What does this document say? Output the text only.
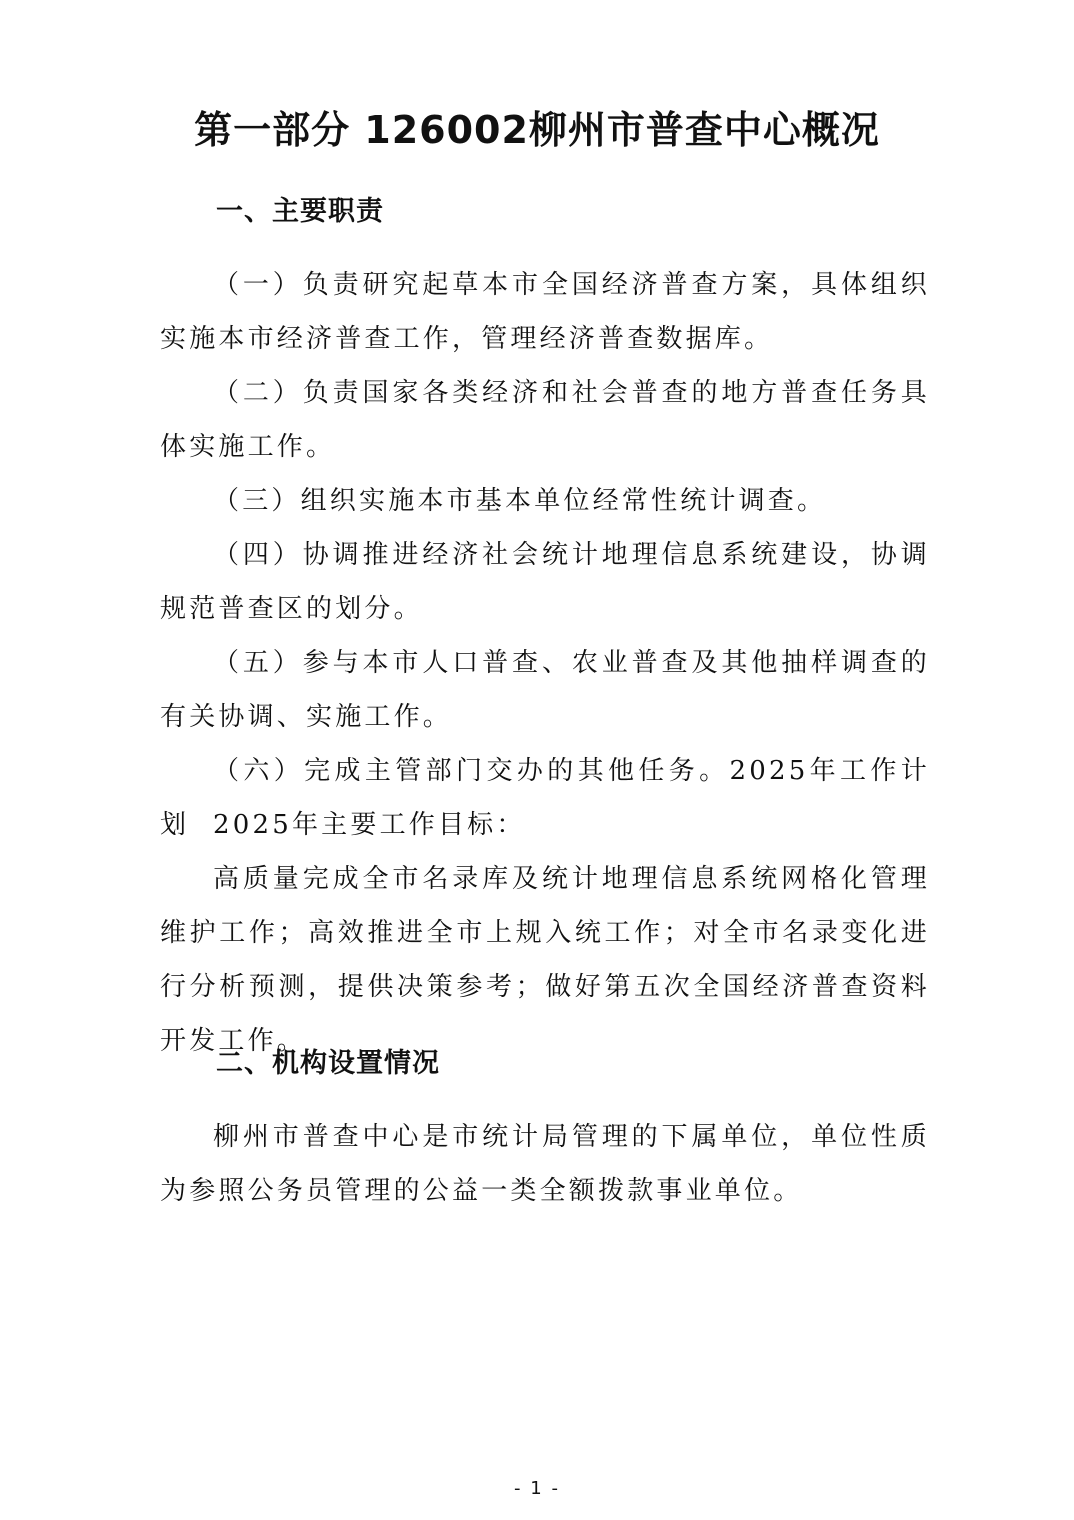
第一部分 126002柳州市普查中心概况
一、主要职责

（一）负责研究起草本市全国经济普查方案，具体组织实施本市经济普查工作，管理经济普查数据库。

（二）负责国家各类经济和社会普查的地方普查任务具体实施工作。

（三）组织实施本市基本单位经常性统计调查。

（四）协调推进经济社会统计地理信息系统建设，协调规范普查区的划分。

（五）参与本市人口普查、农业普查及其他抽样调查的有关协调、实施工作。

（六）完成主管部门交办的其他任务。2025年工作计划 2025年主要工作目标：

高质量完成全市名录库及统计地理信息系统网格化管理维护工作；高效推进全市上规入统工作；对全市名录变化进行分析预测，提供决策参考；做好第五次全国经济普查资料开发工作。

二、机构设置情况

柳州市普查中心是市统计局管理的下属单位，单位性质为参照公务员管理的公益一类全额拨款事业单位。

- 1 -
